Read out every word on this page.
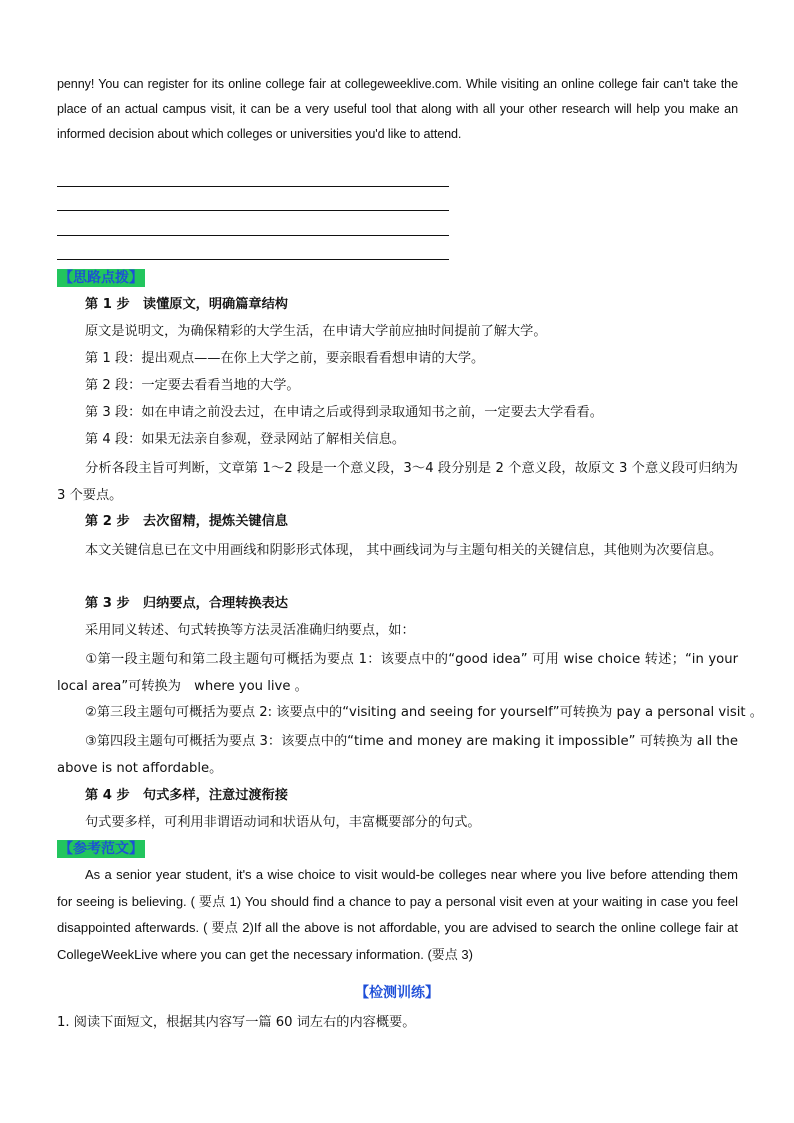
penny! You can register for its online college fair at collegeweeklive.com. While visiting an online college fair can't take the place of an actual campus visit, it can be a very useful tool that along with all your other research will help you make an informed decision about which colleges or universities you'd like to attend.
【思路点拨】
第 1 步　读懂原文，明确篇章结构
原文是说明文，为确保精彩的大学生活，在申请大学前应抽时间提前了解大学。
第 1 段：提出观点——在你上大学之前，要亲眼看看想申请的大学。
第 2 段：一定要去看看当地的大学。
第 3 段：如在申请之前没去过，在申请之后或得到录取通知书之前，一定要去大学看看。
第 4 段：如果无法亲自参观，登录网站了解相关信息。
分析各段主旨可判断，文章第 1～2 段是一个意义段，3～4 段分别是 2 个意义段，故原文 3 个意义段可归纳为 3 个要点。
第 2 步　去次留精，提炼关键信息
本文关键信息已在文中用画线和阴影形式体现， 其中画线词为与主题句相关的关键信息，其他则为次要信息。
第 3 步　归纳要点，合理转换表达
采用同义转述、句式转换等方法灵活准确归纳要点，如：
①第一段主题句和第二段主题句可概括为要点 1：该要点中的“good idea” 可用 wise choice 转述；“in your local area”可转换为　where you live 。
②第三段主题句可概括为要点 2: 该要点中的“visiting and seeing for yourself”可转换为 pay a personal visit 。
③第四段主题句可概括为要点 3：该要点中的“time and money are making it impossible” 可转换为 all the above is not affordable。
第 4 步　句式多样，注意过渡衔接
句式要多样，可利用非谓语动词和状语从句，丰富概要部分的句式。
【参考范文】
As a senior year student, it's a wise choice to visit would-be colleges near where you live before attending them for seeing is believing. ( 要点 1) You should find a chance to pay a personal visit even at your waiting in case you feel disappointed afterwards. ( 要点 2)If all the above is not affordable, you are advised to search the online college fair at CollegeWeekLive where you can get the necessary information. (要点 3)
【检测训练】
1. 阅读下面短文，根据其内容写一篇 60 词左右的内容概要。
